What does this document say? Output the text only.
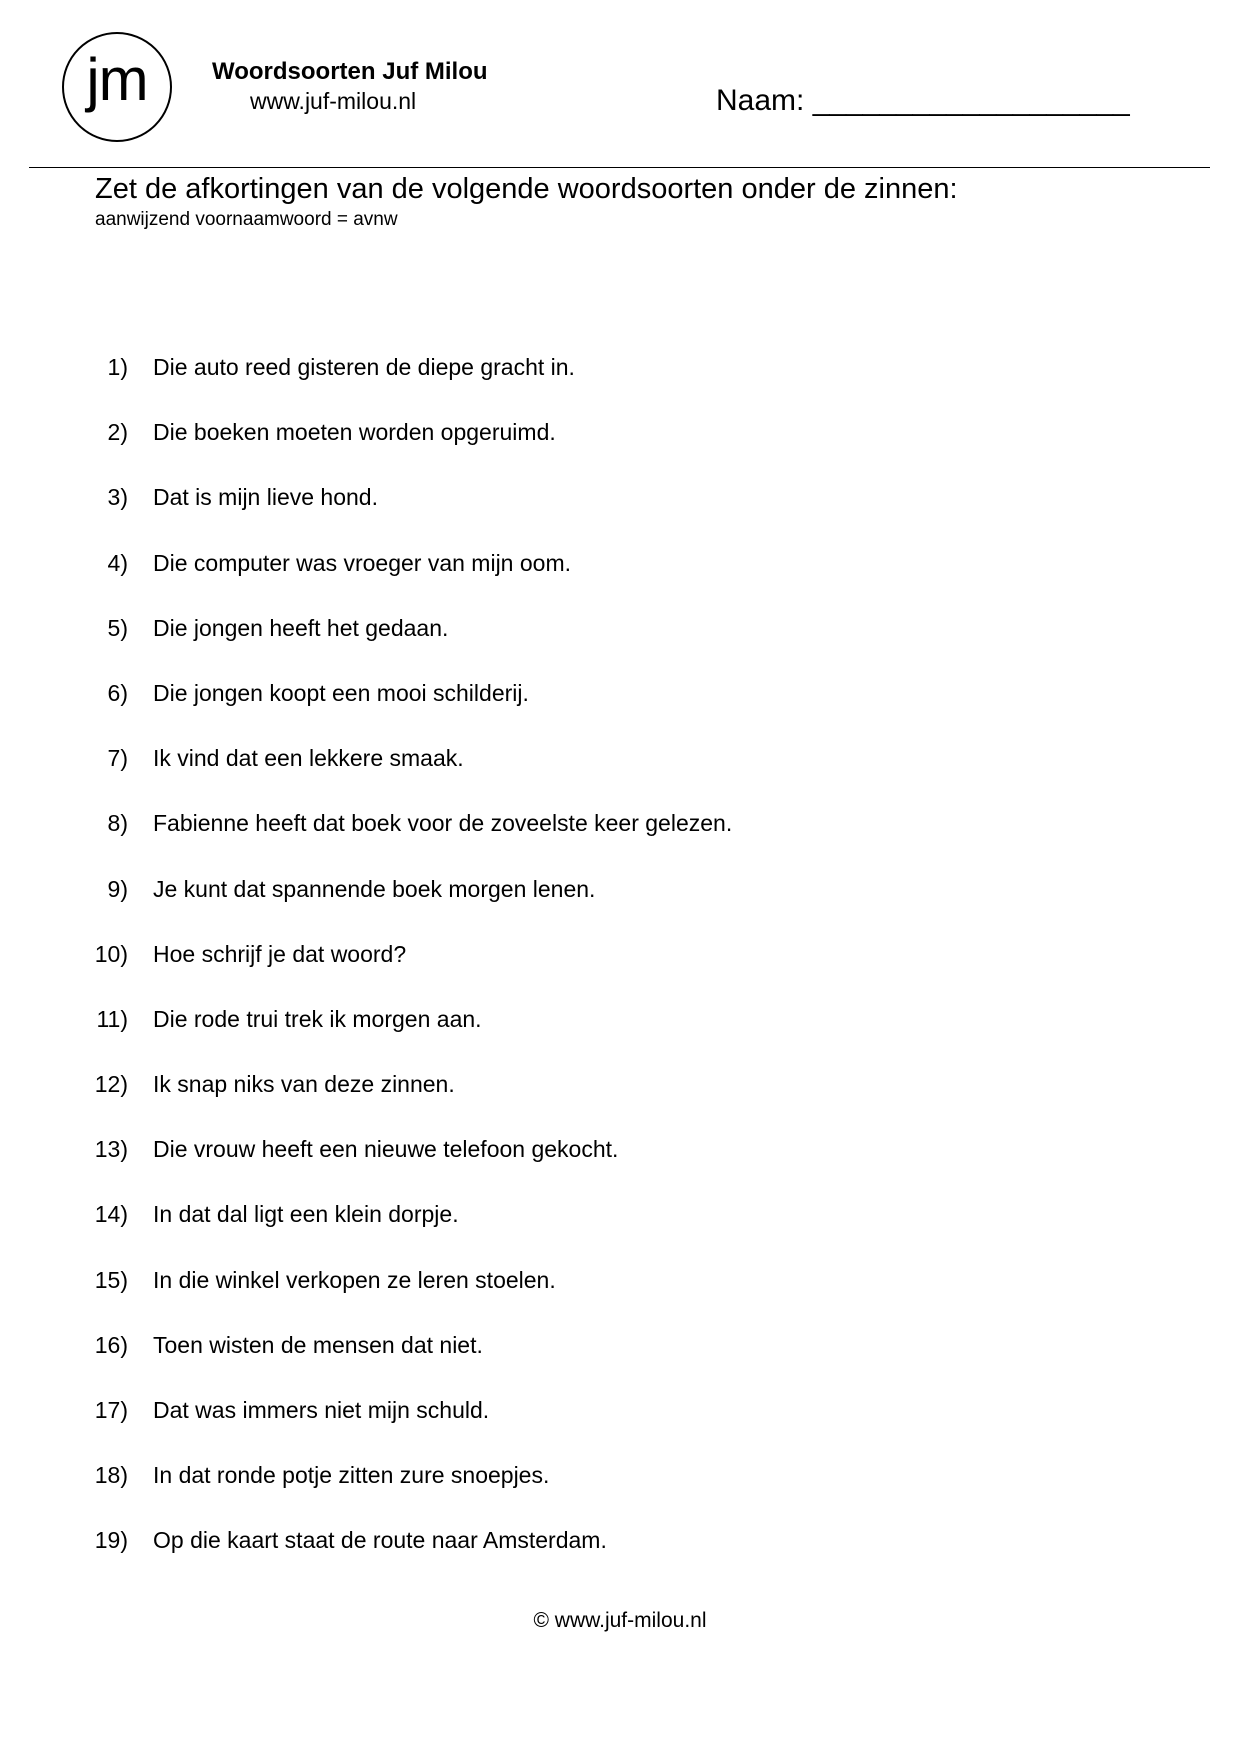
jm	Woordsoorten Juf Milou
www.juf-milou.nl	Naam: ___________________
Zet de afkortingen van de volgende woordsoorten onder de zinnen:
aanwijzend voornaamwoord = avnw
1) Die auto reed gisteren de diepe gracht in.
2) Die boeken moeten worden opgeruimd.
3) Dat is mijn lieve hond.
4) Die computer was vroeger van mijn oom.
5) Die jongen heeft het gedaan.
6) Die jongen koopt een mooi schilderij.
7) Ik vind dat een lekkere smaak.
8) Fabienne heeft dat boek voor de zoveelste keer gelezen.
9) Je kunt dat spannende boek morgen lenen.
10) Hoe schrijf je dat woord?
11) Die rode trui trek ik morgen aan.
12) Ik snap niks van deze zinnen.
13) Die vrouw heeft een nieuwe telefoon gekocht.
14) In dat dal ligt een klein dorpje.
15) In die winkel verkopen ze leren stoelen.
16) Toen wisten de mensen dat niet.
17) Dat was immers niet mijn schuld.
18) In dat ronde potje zitten zure snoepjes.
19) Op die kaart staat de route naar Amsterdam.
© www.juf-milou.nl
